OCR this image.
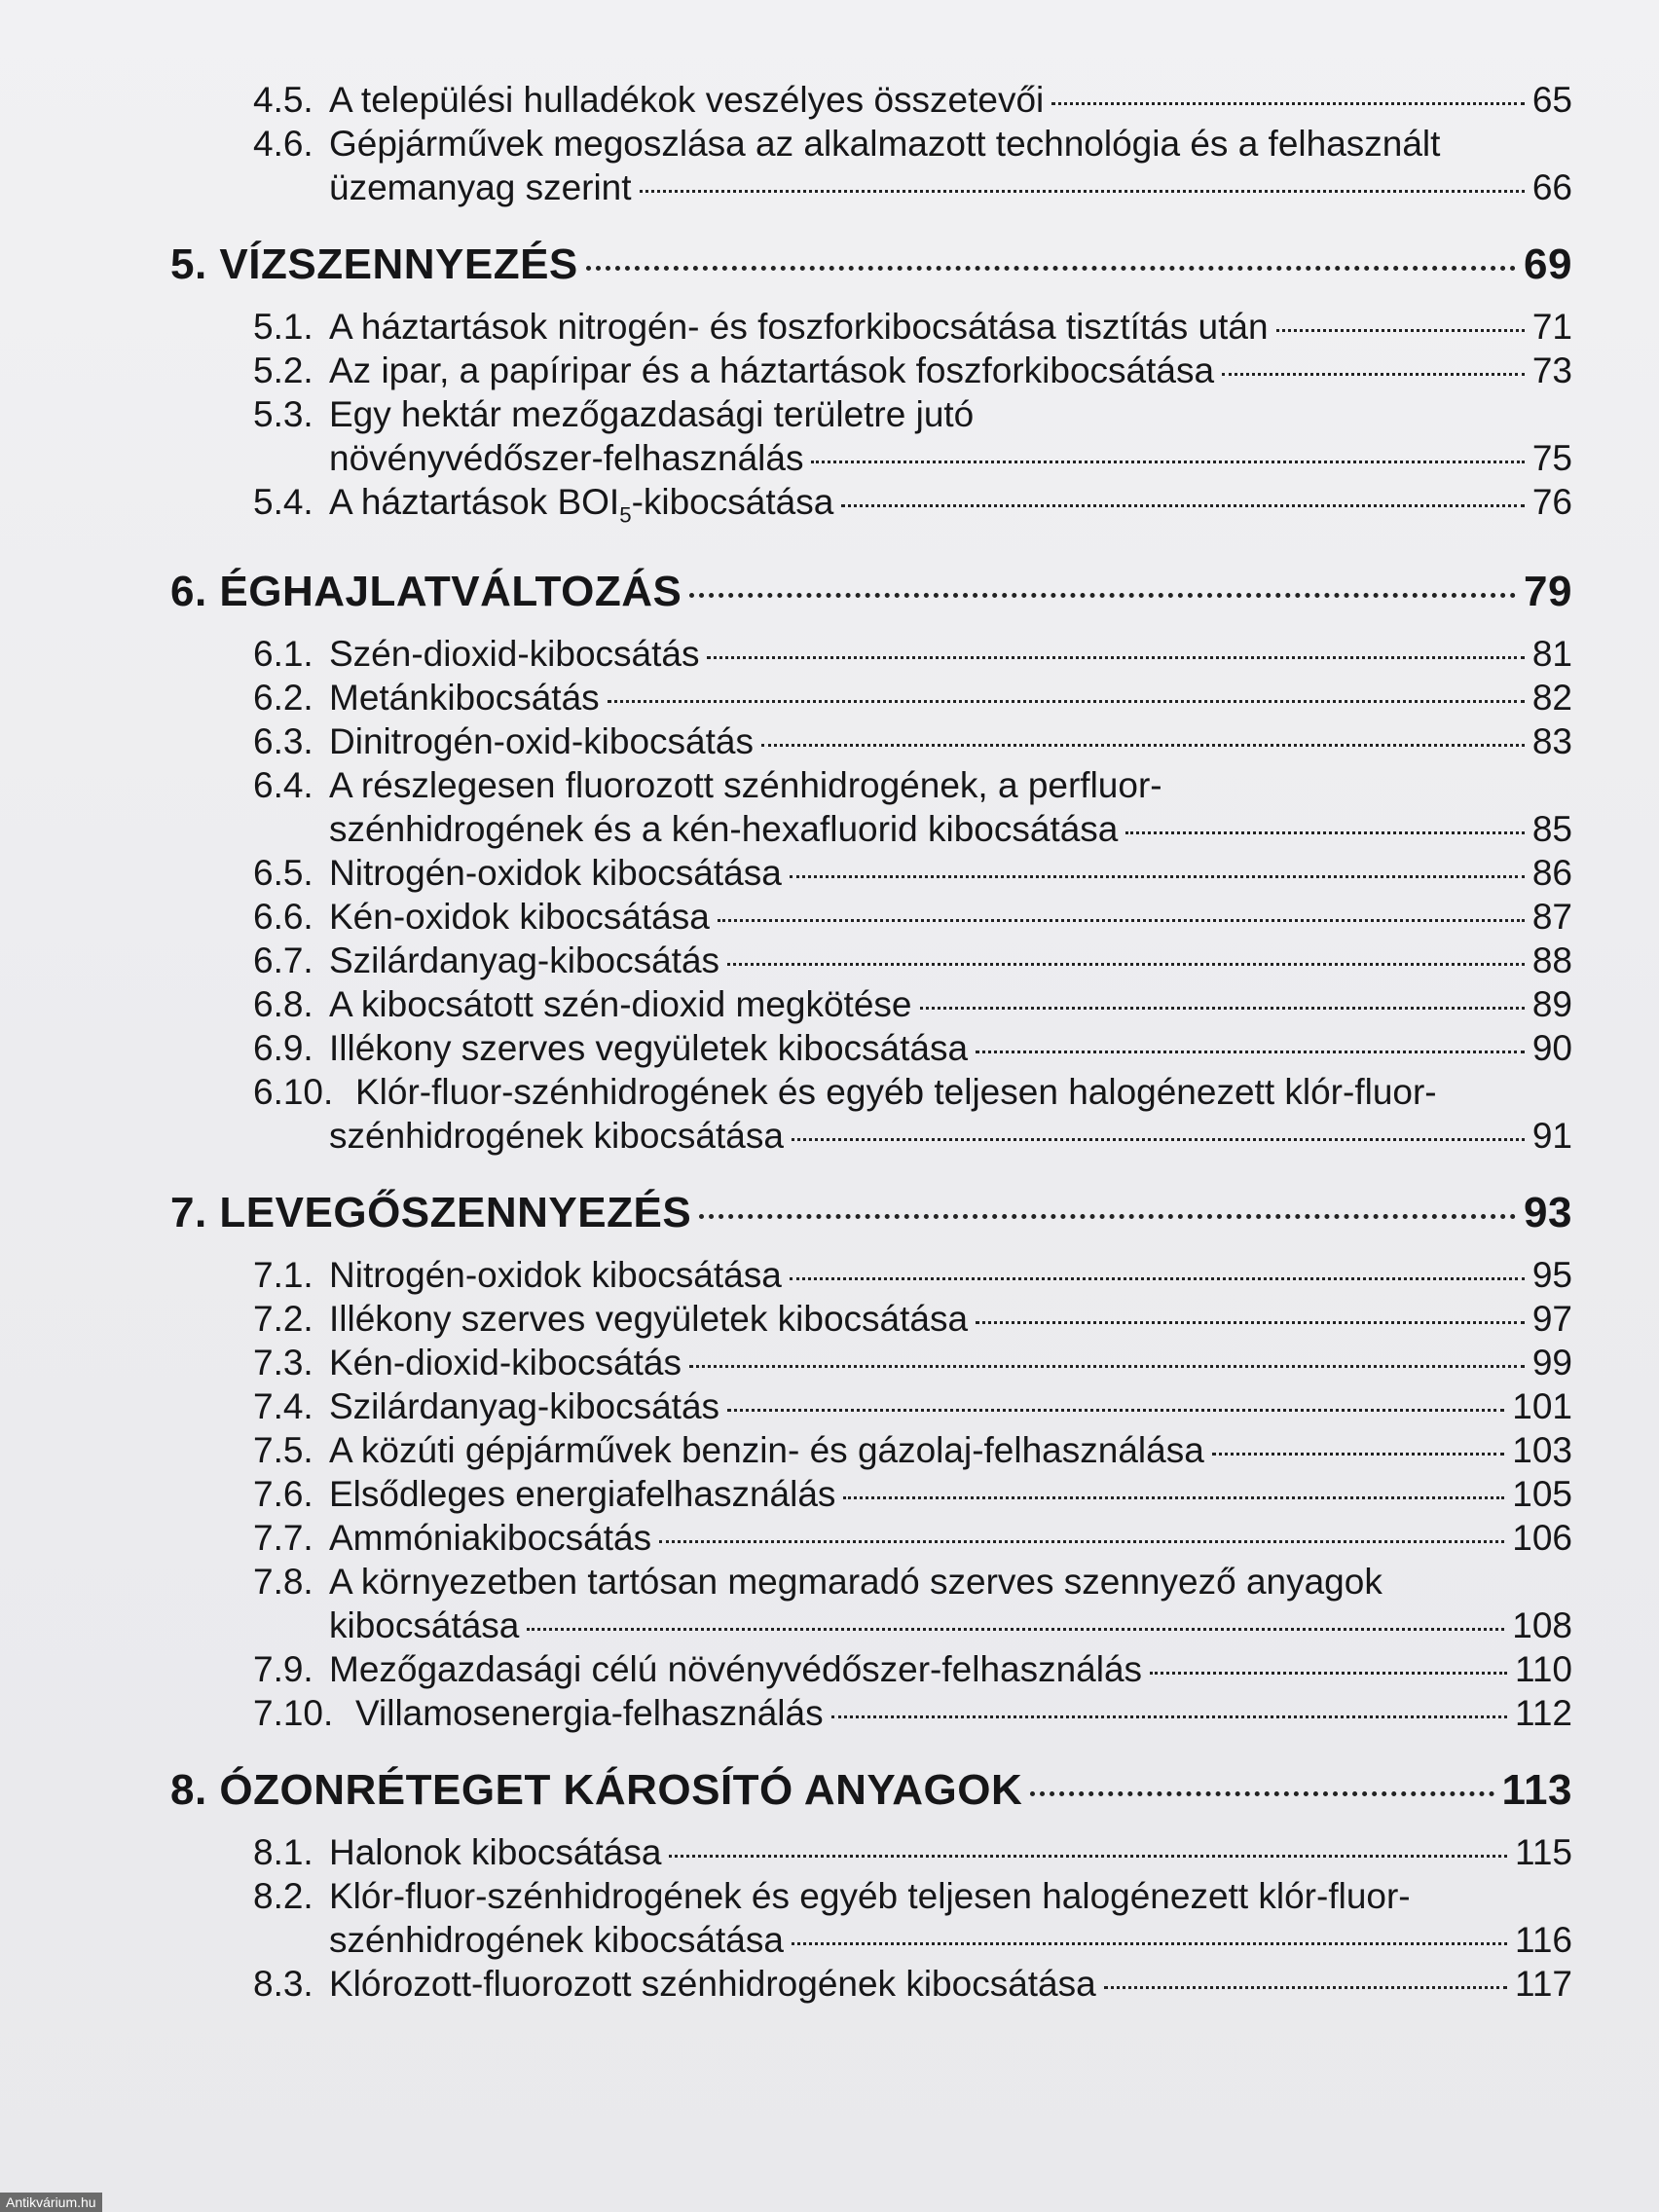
4.5. A települési hulladékok veszélyes összetevői	65
4.6. Gépjárművek megoszlása az alkalmazott technológia és a felhasznált
üzemanyag szerint	66
5. VÍZSZENNYEZÉS	69
5.1. A háztartások nitrogén- és foszforkibocsátása tisztítás után	71
5.2. Az ipar, a papíripar és a háztartások foszforkibocsátása	73
5.3. Egy hektár mezőgazdasági területre jutó
növényvédőszer-felhasználás	75
5.4. A háztartások $BOI_5$-kibocsátása	76
6. ÉGHAJLATVÁLTOZÁS	79
6.1. Szén-dioxid-kibocsátás	81
6.2. Metánkibocsátás	82
6.3. Dinitrogén-oxid-kibocsátás	83
6.4. A részlegesen fluorozott szénhidrogének, a perfluor-
szénhidrogének és a kén-hexafluorid kibocsátása	85
6.5. Nitrogén-oxidok kibocsátása	86
6.6. Kén-oxidok kibocsátása	87
6.7. Szilárdanyag-kibocsátás	88
6.8. A kibocsátott szén-dioxid megkötése	89
6.9. Illékony szerves vegyületek kibocsátása	90
6.10. Klór-fluor-szénhidrogének és egyéb teljesen halogénezett klór-fluor-
szénhidrogének kibocsátása	91
7. LEVEGŐSZENNYEZÉS	93
7.1. Nitrogén-oxidok kibocsátása	95
7.2. Illékony szerves vegyületek kibocsátása	97
7.3. Kén-dioxid-kibocsátás	99
7.4. Szilárdanyag-kibocsátás	101
7.5. A közúti gépjárművek benzin- és gázolaj-felhasználása	103
7.6. Elsődleges energiafelhasználás	105
7.7. Ammóniakibocsátás	106
7.8. A környezetben tartósan megmaradó szerves szennyező anyagok
kibocsátása	108
7.9. Mezőgazdasági célú növényvédőszer-felhasználás	110
7.10. Villamosenergia-felhasználás	112
8. ÓZONRÉTEGET KÁROSÍTÓ ANYAGOK	113
8.1. Halonok kibocsátása	115
8.2. Klór-fluor-szénhidrogének és egyéb teljesen halogénezett klór-fluor-
szénhidrogének kibocsátása	116
8.3. Klórozott-fluorozott szénhidrogének kibocsátása	117
Antikvárium.hu
